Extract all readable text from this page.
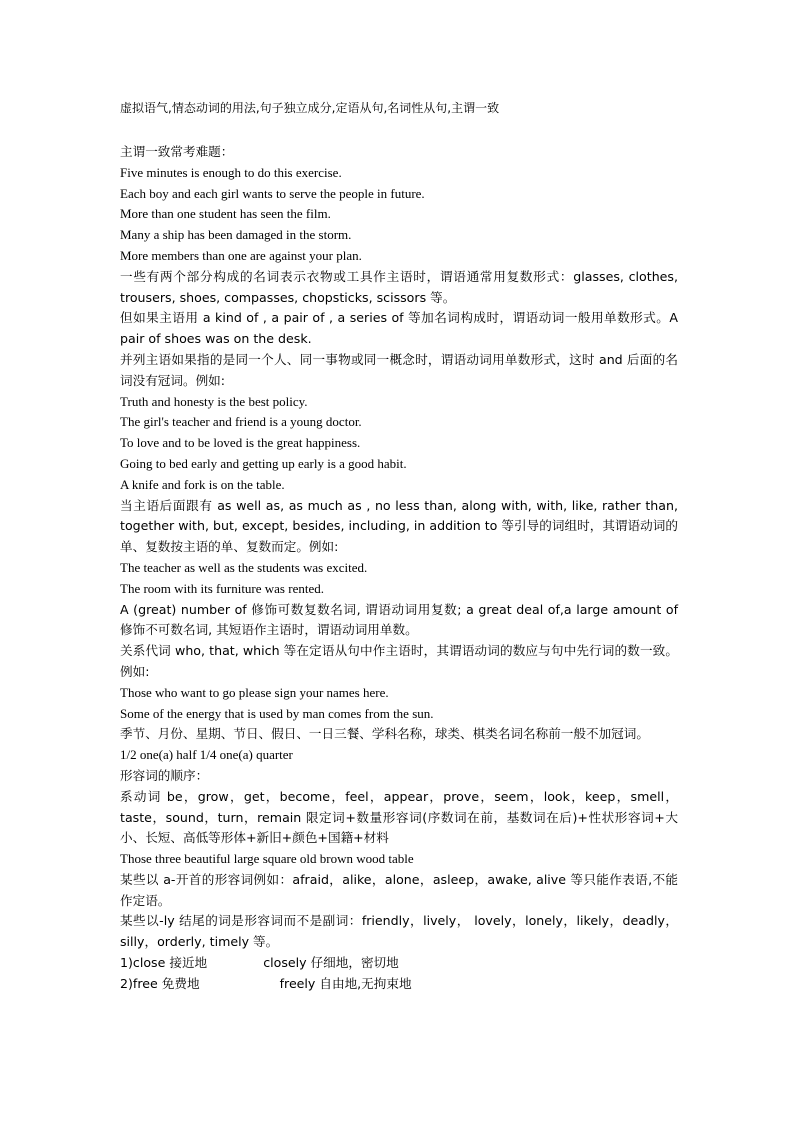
虚拟语气,情态动词的用法,句子独立成分,定语从句,名词性从句,主谓一致

主谓一致常考难题：

Five minutes is enough to do this exercise.

Each boy and each girl wants to serve the people in future.

More than one student has seen the film.

Many a ship has been damaged in the storm.

More members than one are against your plan.

一些有两个部分构成的名词表示衣物或工具作主语时，谓语通常用复数形式：glasses, clothes, trousers, shoes, compasses, chopsticks, scissors 等。

但如果主语用 a kind of , a pair of , a series of 等加名词构成时，谓语动词一般用单数形式。A pair of shoes was on the desk.

并列主语如果指的是同一个人、同一事物或同一概念时，谓语动词用单数形式，这时 and 后面的名词没有冠词。例如:

Truth and honesty is the best policy.

The girl's teacher and friend is a young doctor.

To love and to be loved is the great happiness.

Going to bed early and getting up early is a good habit.

A knife and fork is on the table.

当主语后面跟有 as well as, as much as , no less than, along with, with, like, rather than, together with, but, except, besides, including, in addition to 等引导的词组时，其谓语动词的单、复数按主语的单、复数而定。例如:

The teacher as well as the students was excited.

The room with its furniture was rented.

A (great) number of 修饰可数复数名词, 谓语动词用复数; a great deal of,a large amount of 修饰不可数名词, 其短语作主语时，谓语动词用单数。

关系代词 who, that, which 等在定语从句中作主语时，其谓语动词的数应与句中先行词的数一致。例如:

Those who want to go please sign your names here.

Some of the energy that is used by man comes from the sun.

季节、月份、星期、节日、假日、一日三餐、学科名称，球类、棋类名词名称前一般不加冠词。

1/2 one(a) half 1/4 one(a) quarter

形容词的顺序：

系动词 be，grow，get，become，feel，appear，prove，seem，look，keep，smell，taste，sound，turn，remain 限定词+数量形容词(序数词在前，基数词在后)+性状形容词+大小、长短、高低等形体+新旧+颜色+国籍+材料

Those three beautiful large square old brown wood table

某些以 a-开首的形容词例如：afraid，alike，alone，asleep，awake, alive 等只能作表语,不能作定语。

某些以-ly 结尾的词是形容词而不是副词：friendly，lively， lovely，lonely，likely，deadly，silly，orderly, timely 等。

1)close 接近地              closely 仔细地，密切地

2)free 免费地                    freely 自由地,无拘束地
